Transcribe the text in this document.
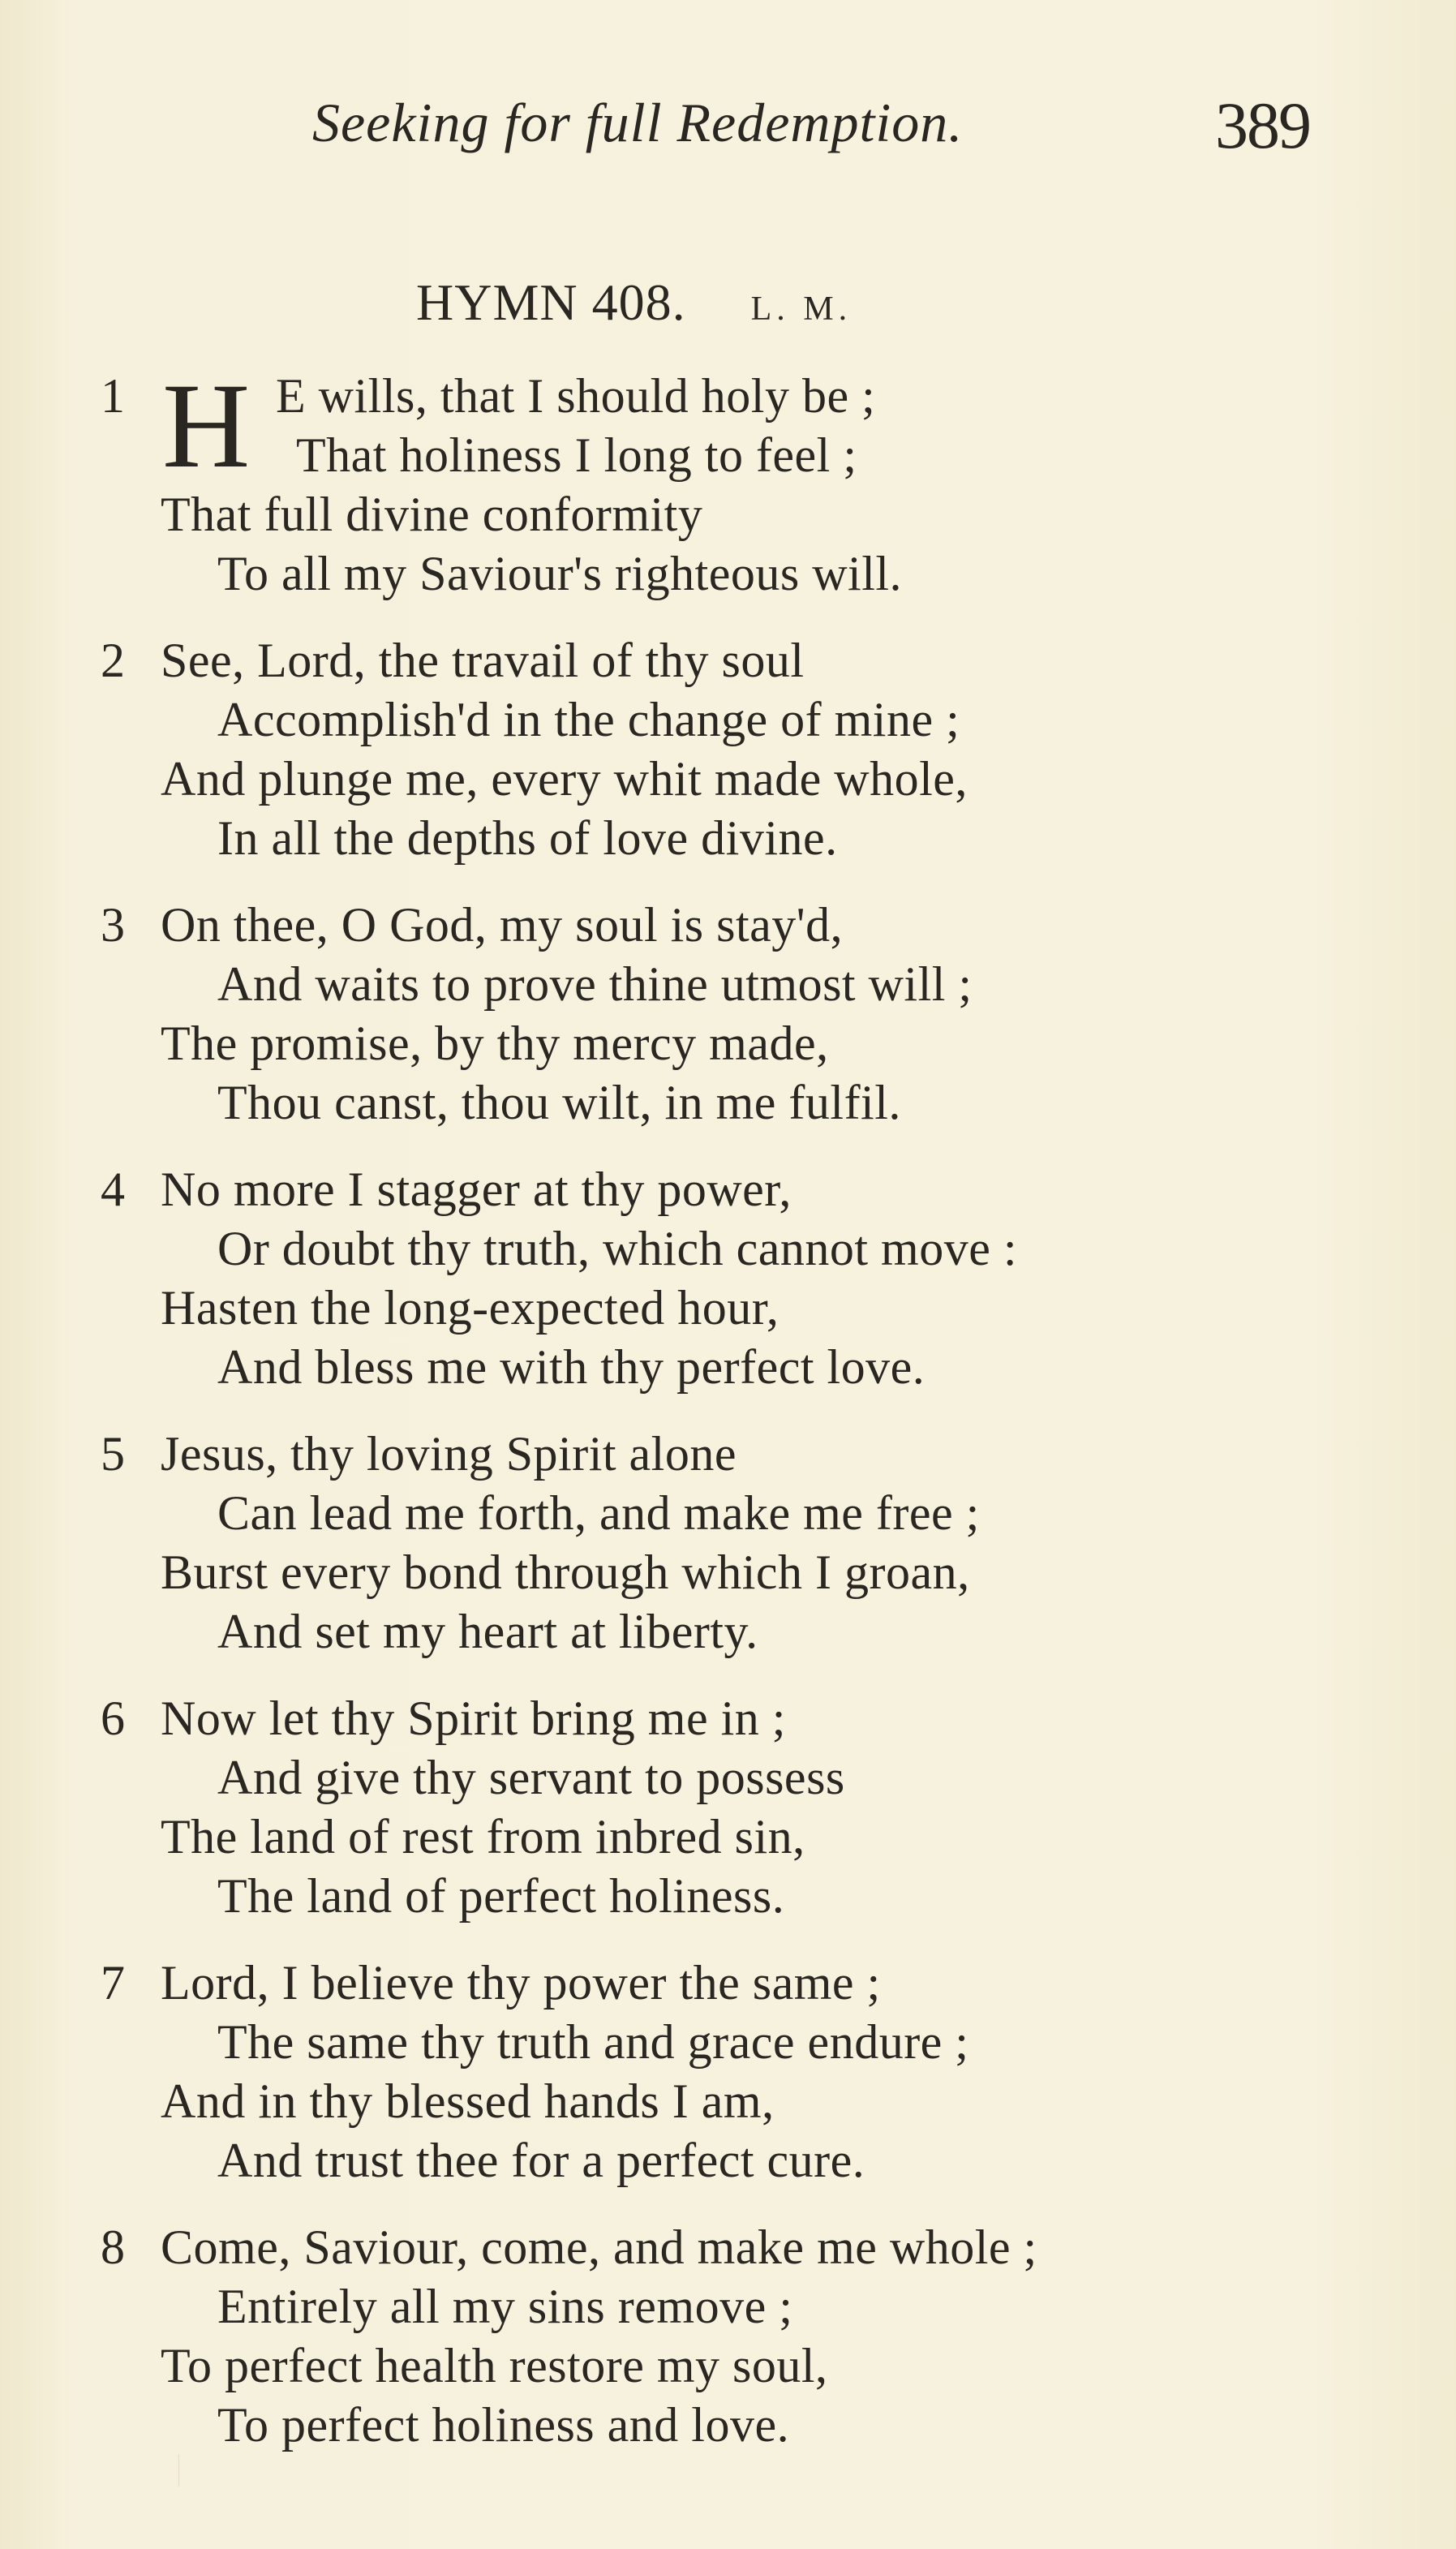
Seeking for full Redemption.	389
HYMN 408. L. M.
1 H E wills, that I should holy be ;
That holiness I long to feel ;
That full divine conformity
To all my Saviour's righteous will.
2 See, Lord, the travail of thy soul
Accomplish'd in the change of mine ;
And plunge me, every whit made whole,
In all the depths of love divine.
3 On thee, O God, my soul is stay'd,
And waits to prove thine utmost will ;
The promise, by thy mercy made,
Thou canst, thou wilt, in me fulfil.
4 No more I stagger at thy power,
Or doubt thy truth, which cannot move :
Hasten the long-expected hour,
And bless me with thy perfect love.
5 Jesus, thy loving Spirit alone
Can lead me forth, and make me free ;
Burst every bond through which I groan,
And set my heart at liberty.
6 Now let thy Spirit bring me in ;
And give thy servant to possess
The land of rest from inbred sin,
The land of perfect holiness.
7 Lord, I believe thy power the same ;
The same thy truth and grace endure ;
And in thy blessed hands I am,
And trust thee for a perfect cure.
8 Come, Saviour, come, and make me whole ;
Entirely all my sins remove ;
To perfect health restore my soul,
To perfect holiness and love.
